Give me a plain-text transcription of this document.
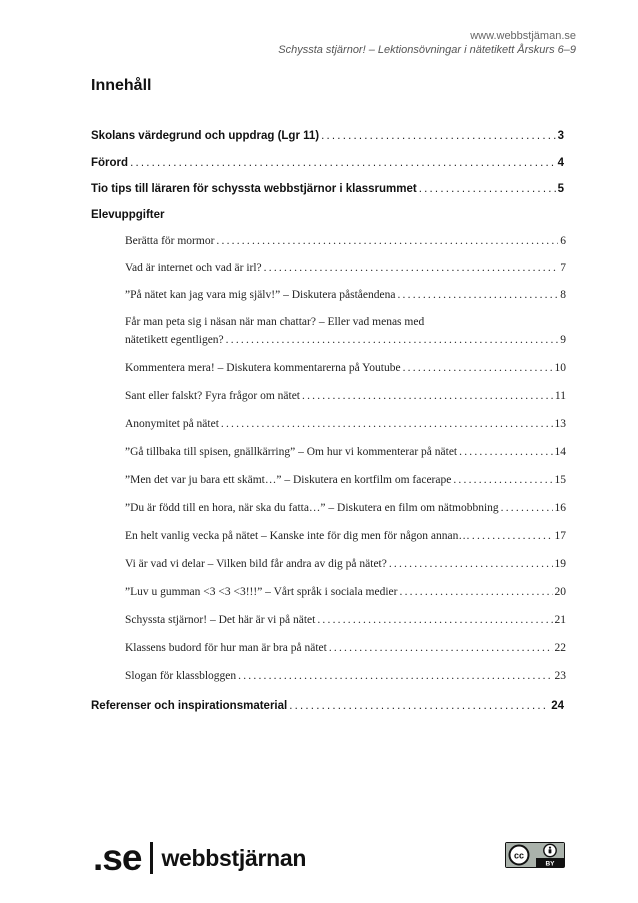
www.webbstjäman.se
Schyssta stjärnor! – Lektionsövningar i nätetikett Årskurs 6–9
Innehåll
Skolans värdegrund och uppdrag (Lgr 11) .....	3
Förord .....	4
Tio tips till läraren för schyssta webbstjärnor i klassrummet .....	5
Elevuppgifter
Berätta för mormor .....	6
Vad är internet och vad är irl? .....	7
”På nätet kan jag vara mig själv!” – Diskutera påståendena .....	8
Får man peta sig i näsan när man chattar? – Eller vad menas med
nätetikett egentligen? .....	9
Kommentera mera! – Diskutera kommentarerna på Youtube .....	10
Sant eller falskt? Fyra frågor om nätet .....	11
Anonymitet på nätet .....	13
”Gå tillbaka till spisen, gnällkärring” – Om hur vi kommenterar på nätet .....	14
”Men det var ju bara ett skämt…” – Diskutera en kortfilm om facerape .....	15
”Du är född till en hora, när ska du fatta…” – Diskutera en film om nätmobbning .....	16
En helt vanlig vecka på nätet – Kanske inte för dig men för någon annan… .....	17
Vi är vad vi delar – Vilken bild får andra av dig på nätet? .....	19
”Luv u gumman <3 <3 <3!!!” – Vårt språk i sociala medier .....	20
Schyssta stjärnor! – Det här är vi på nätet .....	21
Klassens budord för hur man är bra på nätet .....	22
Slogan för klassbloggen .....	23
Referenser och inspirationsmaterial .....	24
.se webbstjärnan	cc
BY
